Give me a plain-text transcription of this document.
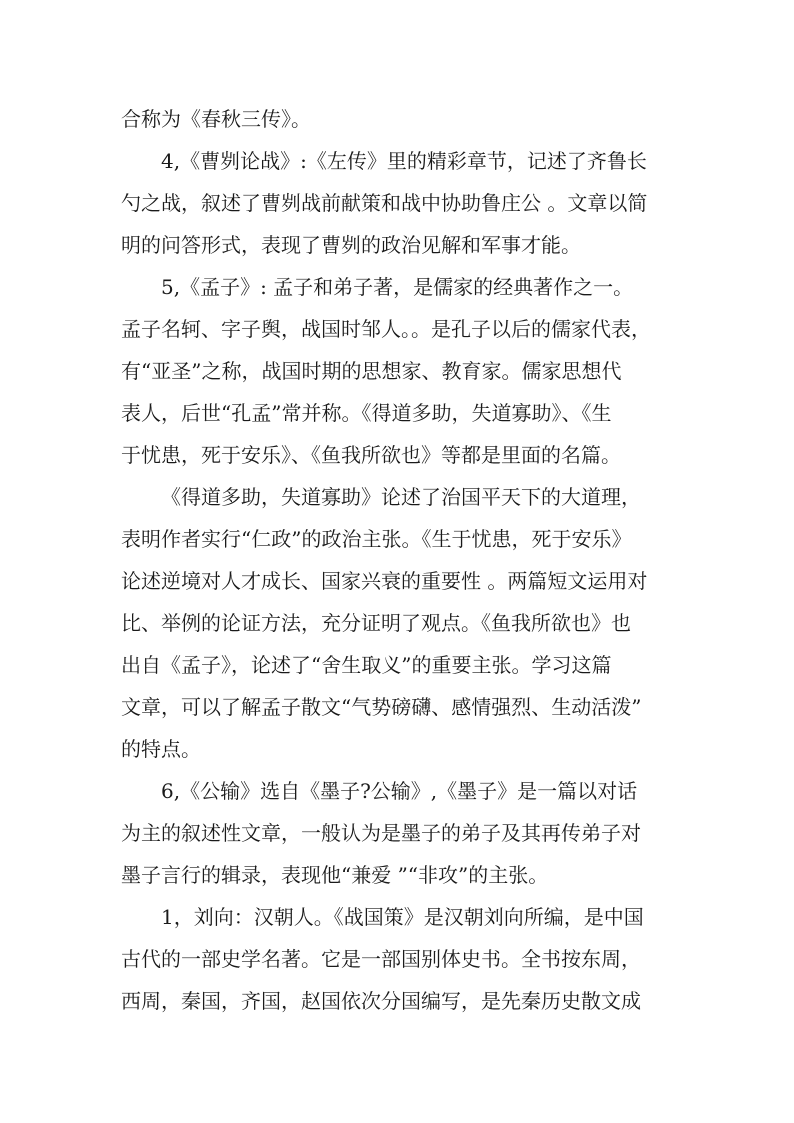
合称为《春秋三传》。
4,《曹刿论战》:《左传》里的精彩章节，记述了齐鲁长
勺之战，叙述了曹刿战前献策和战中协助鲁庄公 。文章以简
明的问答形式，表现了曹刿的政治见解和军事才能。
5,《孟子》: 孟子和弟子著，是儒家的经典著作之一。
孟子名轲、字子舆，战国时邹人。。是孔子以后的儒家代表，
有“亚圣”之称，战国时期的思想家、教育家。儒家思想代
表人，后世“孔孟”常并称。《得道多助，失道寡助》、《生
于忧患，死于安乐》、《鱼我所欲也》等都是里面的名篇。
《得道多助，失道寡助》论述了治国平天下的大道理，
表明作者实行“仁政”的政治主张。《生于忧患，死于安乐》
论述逆境对人才成长、国家兴衰的重要性 。两篇短文运用对
比、举例的论证方法，充分证明了观点。《鱼我所欲也》也
出自《孟子》，论述了“舍生取义”的重要主张。学习这篇
文章，可以了解孟子散文“气势磅礴、感情强烈、生动活泼”
的特点。
6,《公输》选自《墨子?公输》,《墨子》是一篇以对话
为主的叙述性文章，一般认为是墨子的弟子及其再传弟子对
墨子言行的辑录，表现他“兼爱 ”“非攻”的主张。
1，刘向：汉朝人。《战国策》是汉朝刘向所编，是中国
古代的一部史学名著。它是一部国别体史书。全书按东周，
西周，秦国，齐国，赵国依次分国编写，是先秦历史散文成
